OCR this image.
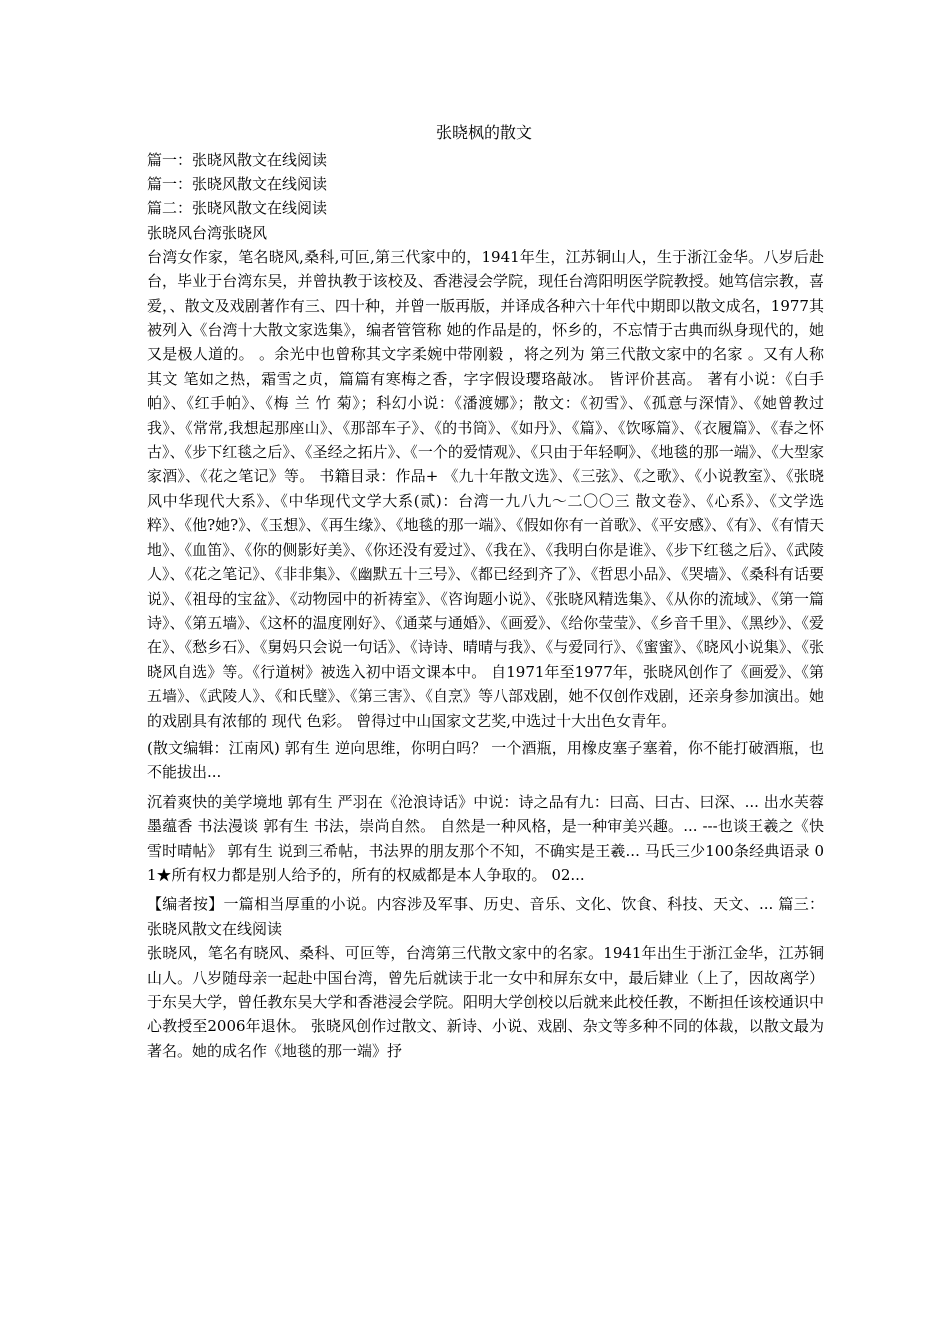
张晓枫的散文
篇一：张晓风散文在线阅读
篇一：张晓风散文在线阅读
篇二：张晓风散文在线阅读
张晓风台湾张晓风

台湾女作家，笔名晓风,桑科,可叵,第三代家中的，1941年生，江苏铜山人，生于浙江金华。八岁后赴台，毕业于台湾东吴，并曾执教于该校及、香港浸会学院，现任台湾阳明医学院教授。她笃信宗教，喜爱，、散文及戏剧著作有三、四十种，并曾一版再版，并译成各种六十年代中期即以散文成名，1977其被列入《台湾十大散文家选集》，编者管管称 她的作品是的，怀乡的，不忘情于古典而纵身现代的，她又是极人道的。 。余光中也曾称其文字柔婉中带刚毅 ，将之列为 第三代散文家中的名家 。又有人称其文 笔如之热，霜雪之贞，篇篇有寒梅之香，字字假设璎珞敲冰。 皆评价甚高。 著有小说：《白手帕》、《红手帕》、《梅 兰 竹 菊》；科幻小说：《潘渡娜》；散文：《初雪》、《孤意与深情》、《她曾教过我》、《常常,我想起那座山》、《那部车子》、《的书筒》、《如丹》、《篇》、《饮啄篇》、《衣履篇》、《春之怀古》、《步下红毯之后》、《圣经之拓片》、《一个的爱情观》、《只由于年轻啊》、《地毯的那一端》、《大型家家酒》、《花之笔记》等。 书籍目录：作品+ 《九十年散文选》、《三弦》、《之歌》、《小说教室》、《张晓风中华现代大系》、《中华现代文学大系(贰)：台湾一九八九～二〇〇三 散文卷》、《心系》、《文学选粹》、《他?她?》、《玉想》、《再生缘》、《地毯的那一端》、《假如你有一首歌》、《平安感》、《有》、《有情天地》、《血笛》、《你的侧影好美》、《你还没有爱过》、《我在》、《我明白你是谁》、《步下红毯之后》、《武陵人》、《花之笔记》、《非非集》、《幽默五十三号》、《都已经到齐了》、《哲思小品》、《哭墙》、《桑科有话要说》、《祖母的宝盆》、《动物园中的祈祷室》、《咨询题小说》、《张晓风精选集》、《从你的流域》、《第一篇诗》、《第五墙》、《这杯的温度刚好》、《通菜与通婚》、《画爱》、《给你莹莹》、《乡音千里》、《黑纱》、《爱在》、《愁乡石》、《舅妈只会说一句话》、《诗诗、晴晴与我》、《与爱同行》、《蜜蜜》、《晓风小说集》、《张晓风自选》等。《行道树》被选入初中语文课本中。 自1971年至1977年，张晓风创作了《画爱》、《第五墙》、《武陵人》、《和氏璧》、《第三害》、《自烹》等八部戏剧，她不仅创作戏剧，还亲身参加演出。她的戏剧具有浓郁的 现代 色彩。 曾得过中山国家文艺奖,中选过十大出色女青年。

(散文编辑：江南风) 郭有生 逆向思维，你明白吗？ 一个酒瓶，用橡皮塞子塞着，你不能打破酒瓶，也不能拔出...

沉着爽快的美学境地 郭有生 严羽在《沧浪诗话》中说：诗之品有九：曰高、曰古、曰深、... 出水芙蓉墨蕴香 书法漫谈 郭有生 书法，崇尚自然。 自然是一种风格，是一种审美兴趣。... ---也谈王羲之《快雪时晴帖》 郭有生 说到三希帖，书法界的朋友那个不知，不确实是王羲... 马氏三少100条经典语录 01★所有权力都是别人给予的，所有的权威都是本人争取的。 02...

【编者按】一篇相当厚重的小说。内容涉及军事、历史、音乐、文化、饮食、科技、天文、... 篇三：张晓风散文在线阅读

张晓风，笔名有晓风、桑科、可叵等，台湾第三代散文家中的名家。1941年出生于浙江金华，江苏铜山人。八岁随母亲一起赴中国台湾，曾先后就读于北一女中和屏东女中，最后肄业（上了，因故离学）于东吴大学，曾任教东吴大学和香港浸会学院。阳明大学创校以后就来此校任教，不断担任该校通识中心教授至2006年退休。 张晓风创作过散文、新诗、小说、戏剧、杂文等多种不同的体裁，以散文最为著名。她的成名作《地毯的那一端》抒
